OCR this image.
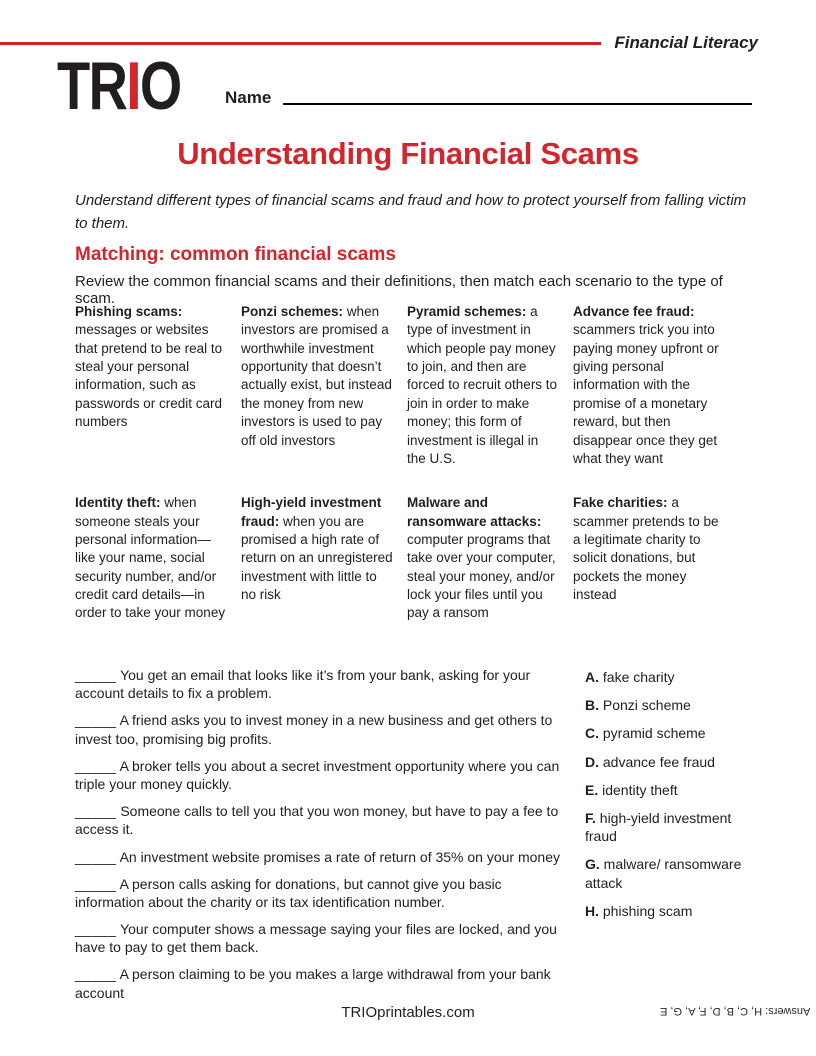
Financial Literacy
TRIO	Name
Understanding Financial Scams
Understand different types of financial scams and fraud and how to protect yourself from falling victim to them.
Matching: common financial scams
Review the common financial scams and their definitions, then match each scenario to the type of scam.

Phishing scams: messages or websites that pretend to be real to steal your personal information, such as passwords or credit card numbers

Ponzi schemes: when investors are promised a worthwhile investment opportunity that doesn’t actually exist, but instead the money from new investors is used to pay off old investors

Pyramid schemes: a type of investment in which people pay money to join, and then are forced to recruit others to join in order to make money; this form of investment is illegal in the U.S.

Advance fee fraud: scammers trick you into paying money upfront or giving personal information with the promise of a monetary reward, but then disappear once they get what they want

Identity theft: when someone steals your personal information—like your name, social security number, and/or credit card details—in order to take your money

High-yield investment fraud: when you are promised a high rate of return on an unregistered investment with little to no risk

Malware and ransomware attacks: computer programs that take over your computer, steal your money, and/or lock your files until you pay a ransom

Fake charities: a scammer pretends to be a legitimate charity to solicit donations, but pockets the money instead

_____ You get an email that looks like it’s from your bank, asking for your account details to fix a problem.

_____ A friend asks you to invest money in a new business and get others to invest too, promising big profits.

_____ A broker tells you about a secret investment opportunity where you can triple your money quickly.

_____ Someone calls to tell you that you won money, but have to pay a fee to access it.

_____ An investment website promises a rate of return of 35% on your money

_____ A person calls asking for donations, but cannot give you basic information about the charity or its tax identification number.

_____ Your computer shows a message saying your files are locked, and you have to pay to get them back.

_____ A person claiming to be you makes a large withdrawal from your bank account

A. fake charity

B. Ponzi scheme

C. pyramid scheme

D. advance fee fraud

E. identity theft

F. high-yield investment fraud

G. malware/ ransomware attack

H. phishing scam

TRIOprintables.com	Answers: H, C, B, D, F, A, G, E
